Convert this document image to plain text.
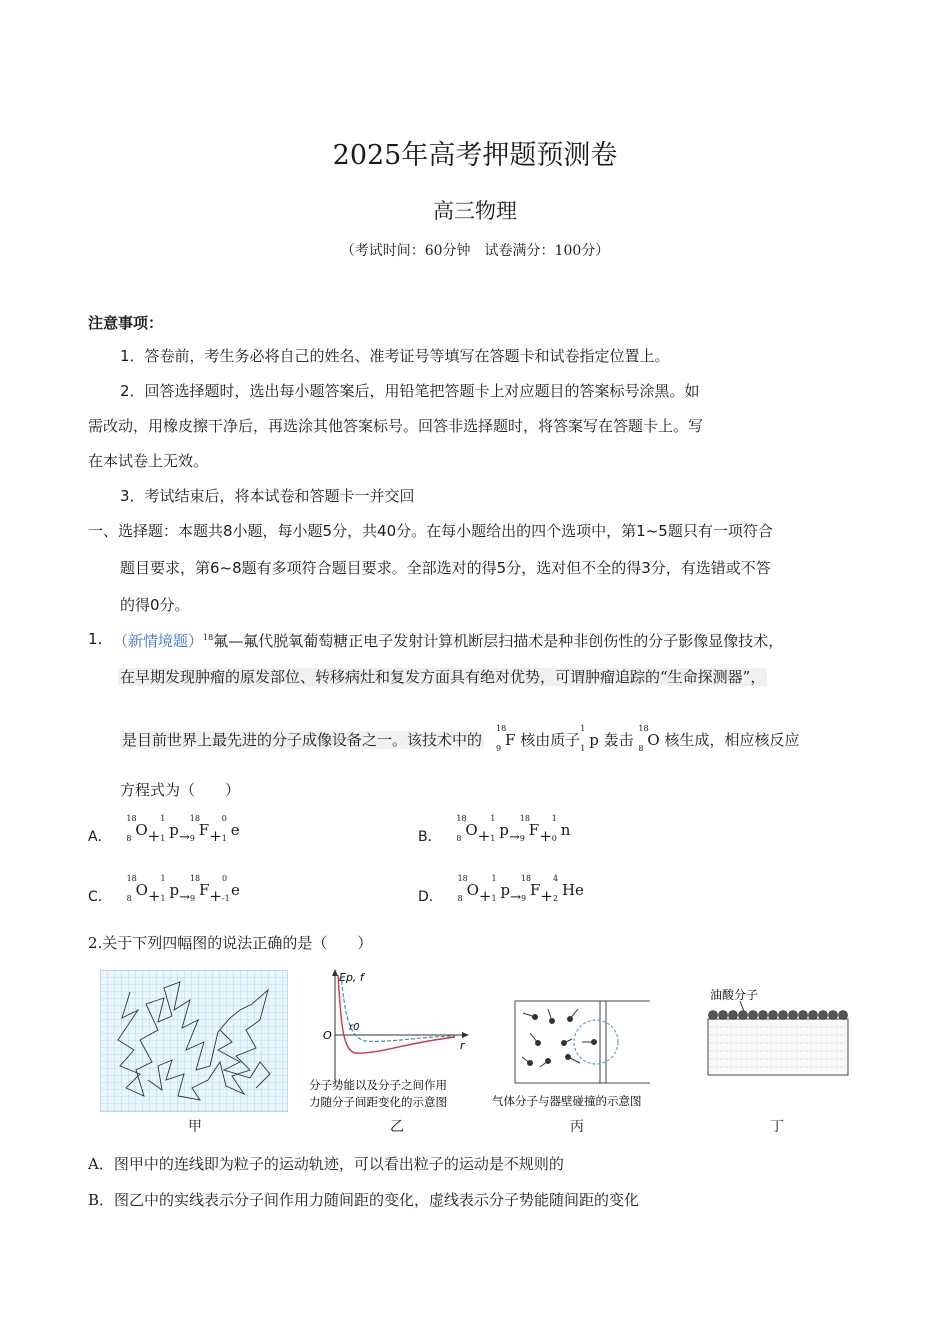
2025年高考押题预测卷
高三物理
（考试时间：60分钟　试卷满分：100分）
注意事项：
1．答卷前，考生务必将自己的姓名、准考证号等填写在答题卡和试卷指定位置上。
2．回答选择题时，选出每小题答案后，用铅笔把答题卡上对应题目的答案标号涂黑。如
需改动，用橡皮擦干净后，再选涂其他答案标号。回答非选择题时，将答案写在答题卡上。写
在本试卷上无效。
3．考试结束后，将本试卷和答题卡一并交回
一、选择题：本题共8小题，每小题5分，共40分。在每小题给出的四个选项中，第1~5题只有一项符合
题目要求，第6~8题有多项符合题目要求。全部选对的得5分，选对但不全的得3分，有选错或不答
的得0分。
1. （新情境题）$^{18}$氟—氟代脱氧葡萄糖正电子发射计算机断层扫描术是种非创伤性的分子影像显像技术，
在早期发现肿瘤的原发部位、转移病灶和复发方面具有绝对优势，可谓肿瘤追踪的“生命探测器”，
是目前世界上最先进的分子成像设备之一。该技术中的
18
9 F 核由质子
1
1 p 轰击
18
8 O 核生成，相应核反应
方程式为（　　）
A．
18
8 O+
1
1 p→
18
9 F+
0
1 e	B．
18
8 O+
1
1 p→
18
9 F+
1
0 n
C．
18
8 O+
1
1 p→
18
9 F+
0
-1 e	D．
18
8 O+
1
1 p→
18
9 F+
4
2 He
2.关于下列四幅图的说法正确的是（　　）
甲
Ep, f
r
O
r0
分子势能以及分子之间作用
力随分子间距变化的示意图
乙
气体分子与器壁碰撞的示意图
丙
油酸分子
丁
A．图甲中的连线即为粒子的运动轨迹，可以看出粒子的运动是不规则的
B．图乙中的实线表示分子间作用力随间距的变化，虚线表示分子势能随间距的变化
